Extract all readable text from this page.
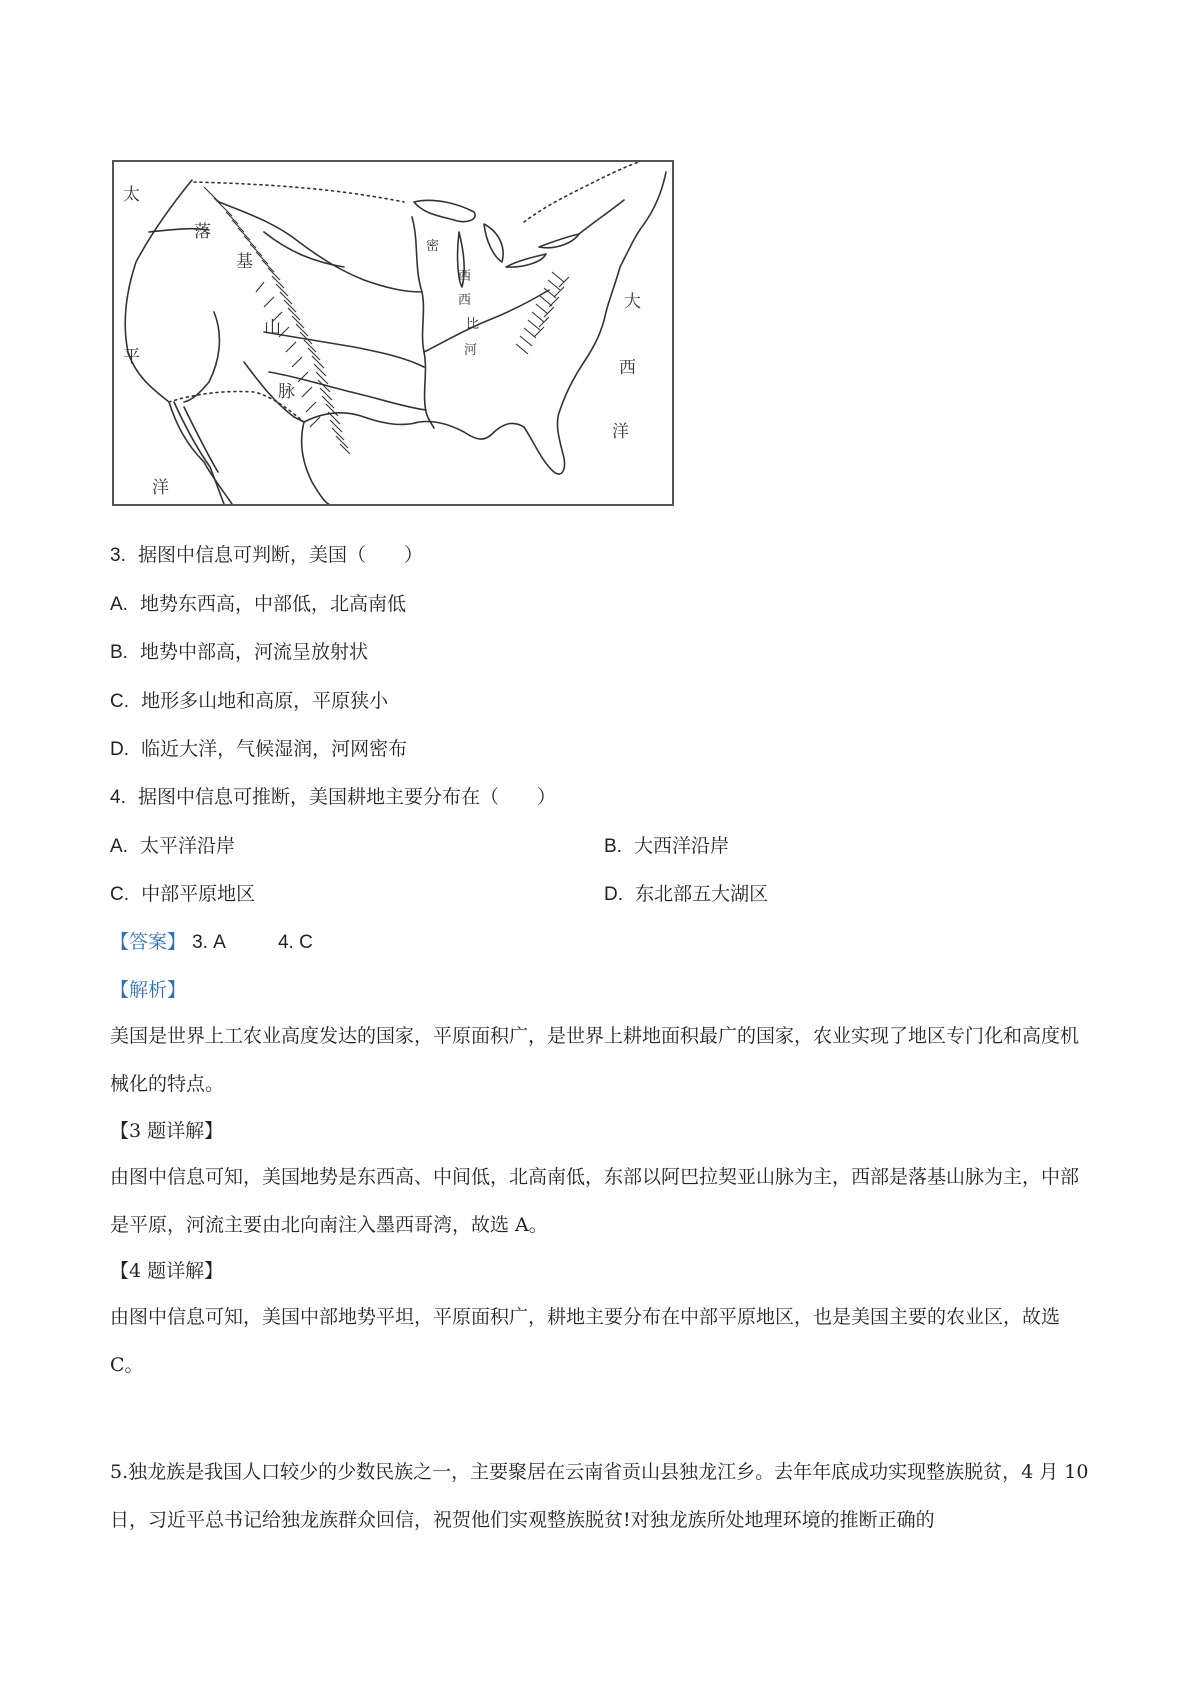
太
平
洋
落
基
山
脉
密
西
西
比
河
大
西
洋
3. 据图中信息可判断，美国（　　）
A. 地势东西高，中部低，北高南低
B. 地势中部高，河流呈放射状
C. 地形多山地和高原，平原狭小
D. 临近大洋，气候湿润，河网密布
4. 据图中信息可推断，美国耕地主要分布在（　　）
A. 太平洋沿岸	B. 大西洋沿岸
C. 中部平原地区	D. 东北部五大湖区
【答案】 3. A	4. C
【解析】
美国是世界上工农业高度发达的国家，平原面积广，是世界上耕地面积最广的国家，农业实现了地区专门化和高度机械化的特点。
【3 题详解】
由图中信息可知，美国地势是东西高、中间低，北高南低，东部以阿巴拉契亚山脉为主，西部是落基山脉为主，中部是平原，河流主要由北向南注入墨西哥湾，故选 A。
【4 题详解】
由图中信息可知，美国中部地势平坦，平原面积广，耕地主要分布在中部平原地区，也是美国主要的农业区，故选 C。
5.独龙族是我国人口较少的少数民族之一，主要聚居在云南省贡山县独龙江乡。去年年底成功实现整族脱贫，4 月 10 日，习近平总书记给独龙族群众回信，祝贺他们实观整族脱贫!对独龙族所处地理环境的推断正确的
